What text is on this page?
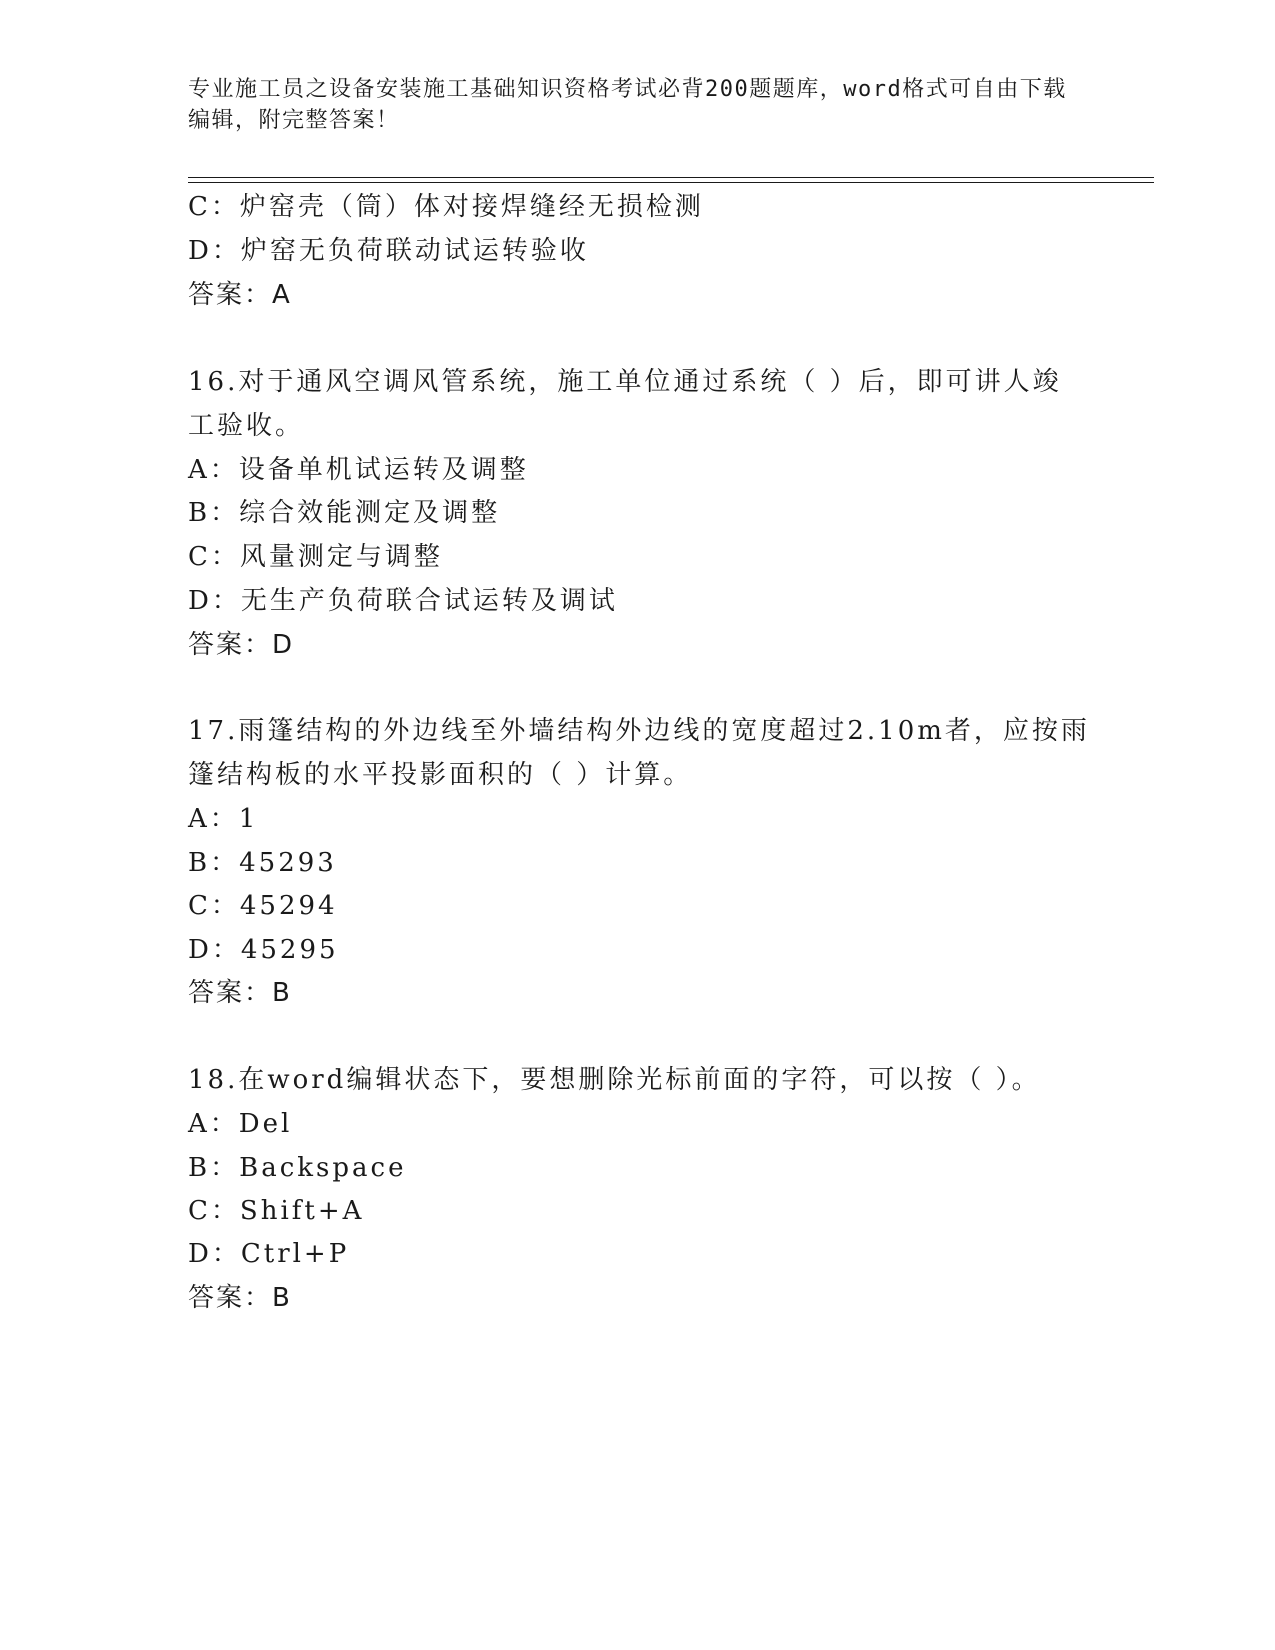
专业施工员之设备安装施工基础知识资格考试必背200题题库，word格式可自由下载编辑，附完整答案！
C：炉窑壳（筒）体对接焊缝经无损检测
D：炉窑无负荷联动试运转验收
答案：A
16.对于通风空调风管系统，施工单位通过系统（ ）后，即可讲人竣
工验收。
A：设备单机试运转及调整
B：综合效能测定及调整
C：风量测定与调整
D：无生产负荷联合试运转及调试
答案：D
17.雨篷结构的外边线至外墙结构外边线的宽度超过2.10m者，应按雨
篷结构板的水平投影面积的（ ）计算。
A：1
B：45293
C：45294
D：45295
答案：B
18.在word编辑状态下，要想删除光标前面的字符，可以按（ ）。
A：Del
B：Backspace
C：Shift+A
D：Ctrl+P
答案：B
